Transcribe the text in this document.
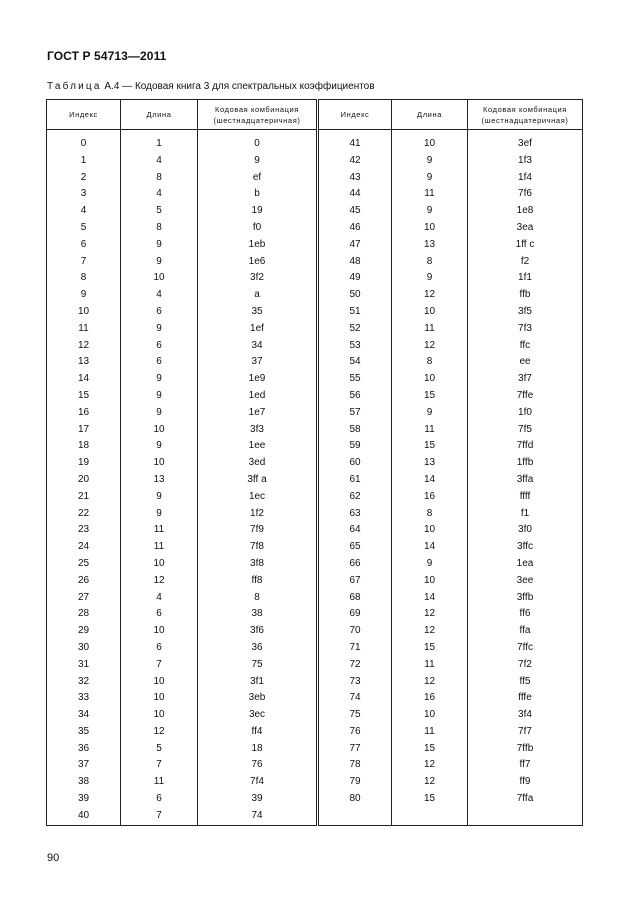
ГОСТ Р 54713—2011
Таблица А.4 — Кодовая книга 3 для спектральных коэффициентов
Индекс	Длина	Кодовая комбинация
(шестнадцатеричная)	Индекс	Длина	Кодовая комбинация
(шестнадцатеричная)
0	1	0	41	10	3ef
1	4	9	42	9	1f3
2	8	ef	43	9	1f4
3	4	b	44	11	7f6
4	5	19	45	9	1e8
5	8	f0	46	10	3ea
6	9	1eb	47	13	1ff c
7	9	1e6	48	8	f2
8	10	3f2	49	9	1f1
9	4	a	50	12	ffb
10	6	35	51	10	3f5
11	9	1ef	52	11	7f3
12	6	34	53	12	ffc
13	6	37	54	8	ee
14	9	1e9	55	10	3f7
15	9	1ed	56	15	7ffe
16	9	1e7	57	9	1f0
17	10	3f3	58	11	7f5
18	9	1ee	59	15	7ffd
19	10	3ed	60	13	1ffb
20	13	3ff a	61	14	3ffa
21	9	1ec	62	16	ffff
22	9	1f2	63	8	f1
23	11	7f9	64	10	3f0
24	11	7f8	65	14	3ffc
25	10	3f8	66	9	1ea
26	12	ff8	67	10	3ee
27	4	8	68	14	3ffb
28	6	38	69	12	ff6
29	10	3f6	70	12	ffa
30	6	36	71	15	7ffc
31	7	75	72	11	7f2
32	10	3f1	73	12	ff5
33	10	3eb	74	16	fffe
34	10	3ec	75	10	3f4
35	12	ff4	76	11	7f7
36	5	18	77	15	7ffb
37	7	76	78	12	ff7
38	11	7f4	79	12	ff9
39	6	39	80	15	7ffa
40	7	74			
90
